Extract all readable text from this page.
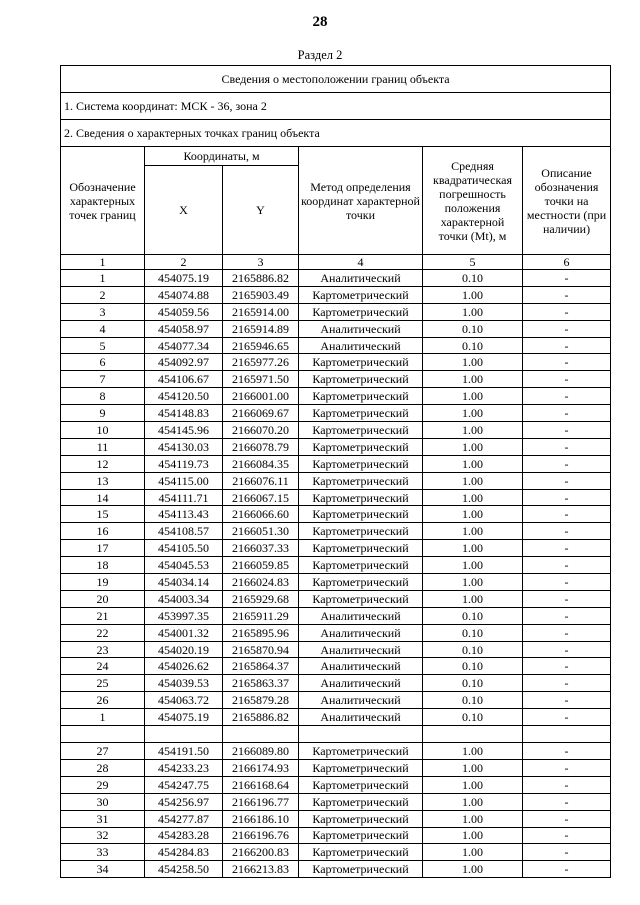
28
Раздел 2
Сведения о местоположении границ объекта					
1. Система координат: МСК - 36, зона 2					
2. Сведения о характерных точках границ объекта					
Обозначение характерных точек границ	Координаты, м		Метод определения координат характерной точки	Средняя квадратическая погрешность положения характерной точки (Mt), м	Описание обозначения точки на местности (при наличии)
	X	Y			
1	2	3	4	5	6
1	454075.19	2165886.82	Аналитический	0.10	-
2	454074.88	2165903.49	Картометрический	1.00	-
3	454059.56	2165914.00	Картометрический	1.00	-
4	454058.97	2165914.89	Аналитический	0.10	-
5	454077.34	2165946.65	Аналитический	0.10	-
6	454092.97	2165977.26	Картометрический	1.00	-
7	454106.67	2165971.50	Картометрический	1.00	-
8	454120.50	2166001.00	Картометрический	1.00	-
9	454148.83	2166069.67	Картометрический	1.00	-
10	454145.96	2166070.20	Картометрический	1.00	-
11	454130.03	2166078.79	Картометрический	1.00	-
12	454119.73	2166084.35	Картометрический	1.00	-
13	454115.00	2166076.11	Картометрический	1.00	-
14	454111.71	2166067.15	Картометрический	1.00	-
15	454113.43	2166066.60	Картометрический	1.00	-
16	454108.57	2166051.30	Картометрический	1.00	-
17	454105.50	2166037.33	Картометрический	1.00	-
18	454045.53	2166059.85	Картометрический	1.00	-
19	454034.14	2166024.83	Картометрический	1.00	-
20	454003.34	2165929.68	Картометрический	1.00	-
21	453997.35	2165911.29	Аналитический	0.10	-
22	454001.32	2165895.96	Аналитический	0.10	-
23	454020.19	2165870.94	Аналитический	0.10	-
24	454026.62	2165864.37	Аналитический	0.10	-
25	454039.53	2165863.37	Аналитический	0.10	-
26	454063.72	2165879.28	Аналитический	0.10	-
1	454075.19	2165886.82	Аналитический	0.10	-

27	454191.50	2166089.80	Картометрический	1.00	-
28	454233.23	2166174.93	Картометрический	1.00	-
29	454247.75	2166168.64	Картометрический	1.00	-
30	454256.97	2166196.77	Картометрический	1.00	-
31	454277.87	2166186.10	Картометрический	1.00	-
32	454283.28	2166196.76	Картометрический	1.00	-
33	454284.83	2166200.83	Картометрический	1.00	-
34	454258.50	2166213.83	Картометрический	1.00	-
